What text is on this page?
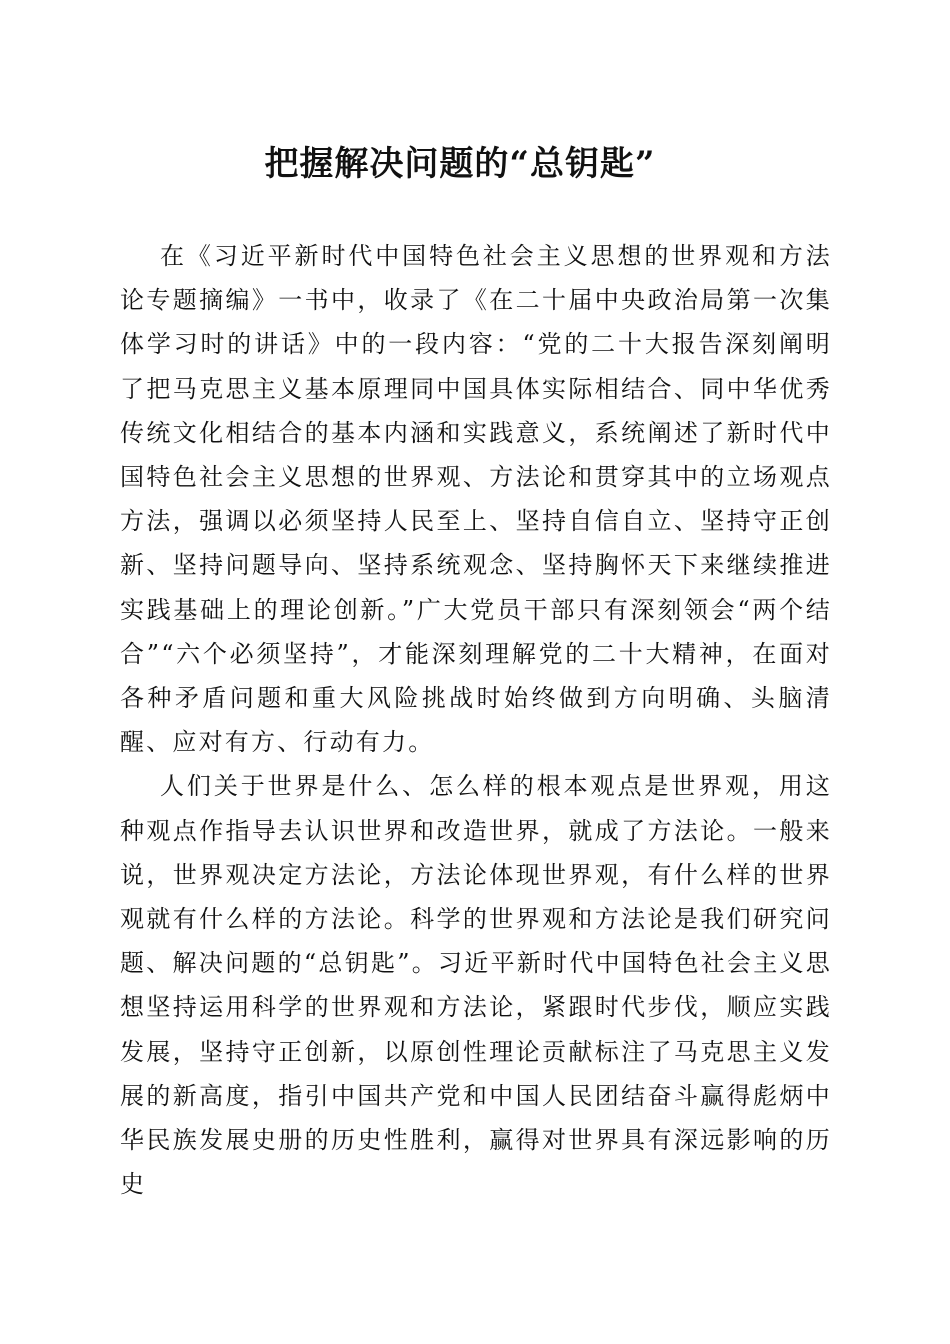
把握解决问题的“总钥匙”

在《习近平新时代中国特色社会主义思想的世界观和方法论专题摘编》一书中，收录了《在二十届中央政治局第一次集体学习时的讲话》中的一段内容：“党的二十大报告深刻阐明了把马克思主义基本原理同中国具体实际相结合、同中华优秀传统文化相结合的基本内涵和实践意义，系统阐述了新时代中国特色社会主义思想的世界观、方法论和贯穿其中的立场观点方法，强调以必须坚持人民至上、坚持自信自立、坚持守正创新、坚持问题导向、坚持系统观念、坚持胸怀天下来继续推进实践基础上的理论创新。”广大党员干部只有深刻领会“两个结合”“六个必须坚持”，才能深刻理解党的二十大精神，在面对各种矛盾问题和重大风险挑战时始终做到方向明确、头脑清醒、应对有方、行动有力。

人们关于世界是什么、怎么样的根本观点是世界观，用这种观点作指导去认识世界和改造世界，就成了方法论。一般来说，世界观决定方法论，方法论体现世界观，有什么样的世界观就有什么样的方法论。科学的世界观和方法论是我们研究问题、解决问题的“总钥匙”。习近平新时代中国特色社会主义思想坚持运用科学的世界观和方法论，紧跟时代步伐，顺应实践发展，坚持守正创新，以原创性理论贡献标注了马克思主义发展的新高度，指引中国共产党和中国人民团结奋斗赢得彪炳中华民族发展史册的历史性胜利，赢得对世界具有深远影响的历史
